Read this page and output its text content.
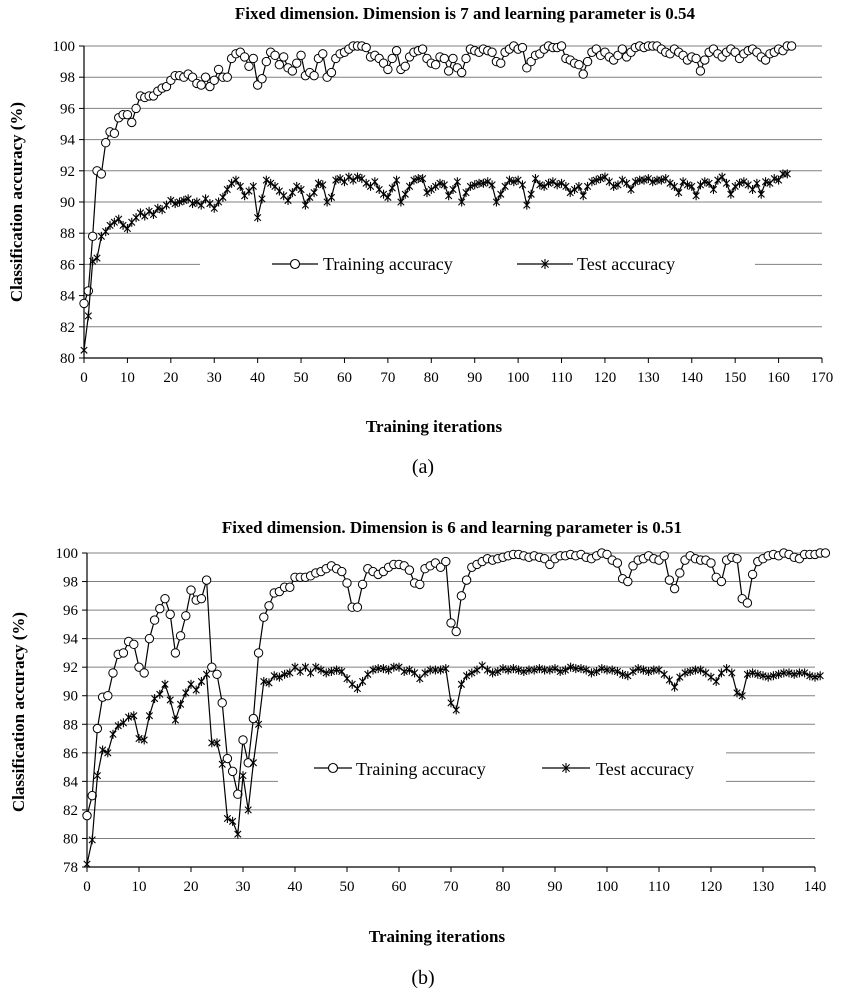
Fixed dimension. Dimension is 7 and learning parameter is 0.54
80
82
84
86
88
90
92
94
96
98
100
0 10 20 30 40 50 60 70 80 90 100 110 120 130 140 150 160 170
Training accuracy	Test accuracy
Training iterations
Classification accuracy (%)
(a)
Fixed dimension. Dimension is 6 and learning parameter is 0.51
78
80
82
84
86
88
90
92
94
96
98
100
0	10 20 30 40 50 60 70 80 90 100 110 120 130 140
Training accuracy	Test accuracy
Training iterations
Classification accuracy (%)
(b)
